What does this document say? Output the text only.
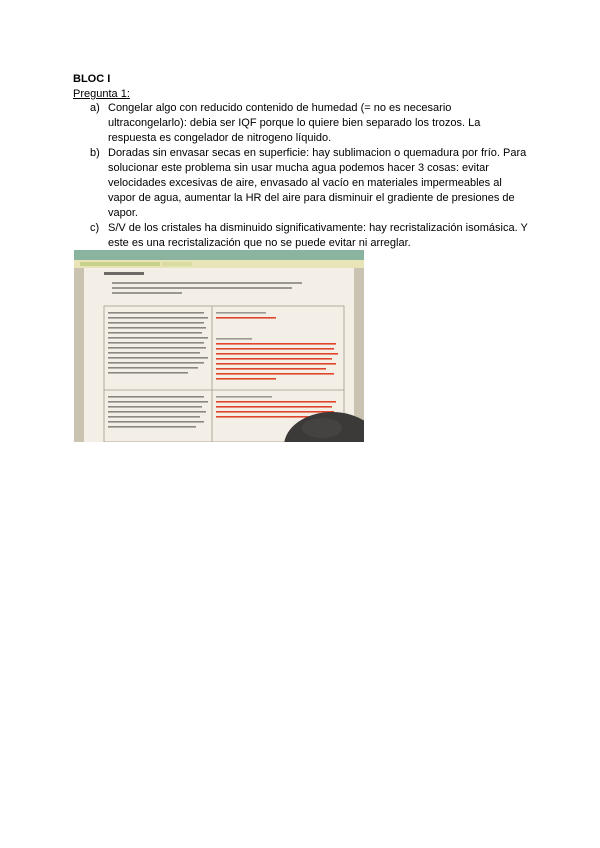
BLOC I
Pregunta 1:
a) Congelar algo con reducido contenido de humedad (= no es necesario ultracongelarlo): debia ser IQF porque lo quiere bien separado los trozos. La respuesta es congelador de nitrogeno líquido.
b) Doradas sin envasar secas en superficie: hay sublimacion o quemadura por frío. Para solucionar este problema sin usar mucha agua podemos hacer 3 cosas: evitar velocidades excesivas de aire, envasado al vacío en materiales impermeables al vapor de agua, aumentar la HR del aire para disminuir el gradiente de presiones de vapor.
c) S/V de los cristales ha disminuido significativamente: hay recristalización isomásica. Y este es una recristalización que no se puede evitar ni arreglar.
